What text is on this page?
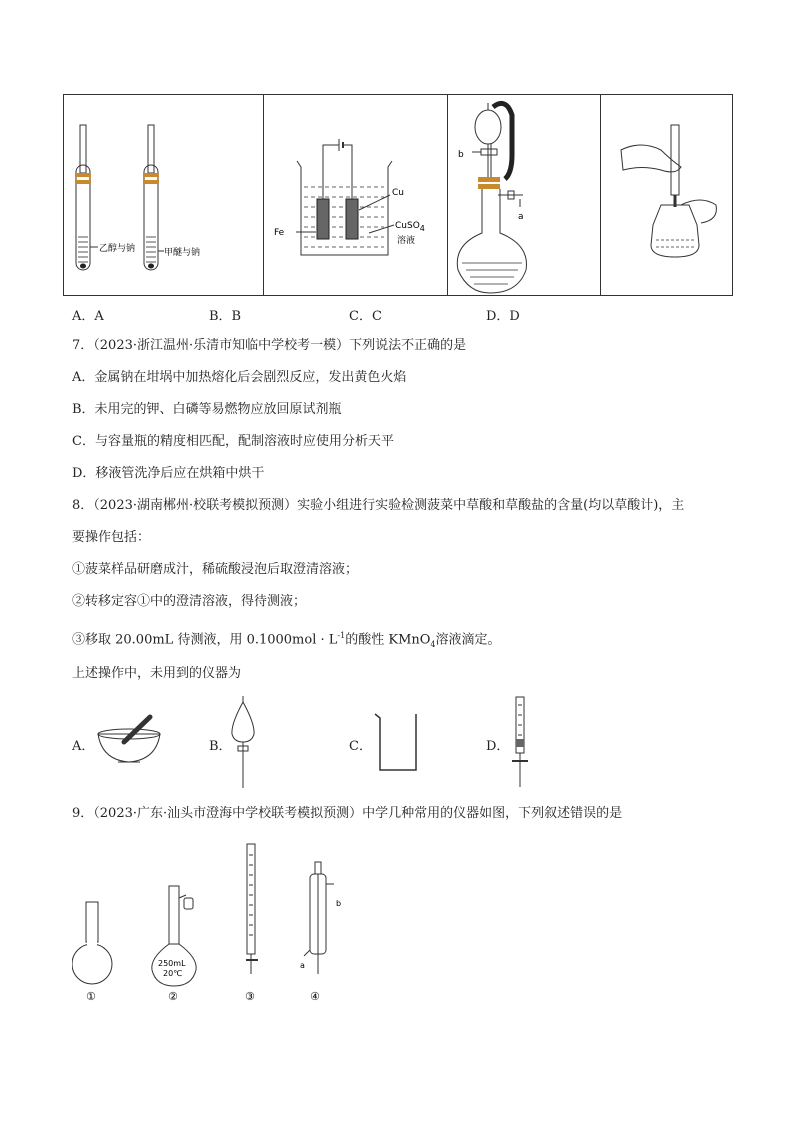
乙醇与钠	甲醚与钠
Cu
Fe
CuSO4
溶液
b
a
A．A	B．B	C．C	D．D
7．（2023·浙江温州·乐清市知临中学校考一模）下列说法不正确的是
A．金属钠在坩埚中加热熔化后会剧烈反应，发出黄色火焰
B．未用完的钾、白磷等易燃物应放回原试剂瓶
C．与容量瓶的精度相匹配，配制溶液时应使用分析天平
D．移液管洗净后应在烘箱中烘干
8．（2023·湖南郴州·校联考模拟预测）实验小组进行实验检测菠菜中草酸和草酸盐的含量(均以草酸计)，主
要操作包括：
①菠菜样品研磨成汁，稀硫酸浸泡后取澄清溶液；
②转移定容①中的澄清溶液，得待测液；
③移取 20.00mL 待测液，用 $0.1000mol \cdot L^{-1}$的酸性 KMnO$_4$溶液滴定。
上述操作中，未用到的仪器为
A．	B．	C．	D．
9．（2023·广东·汕头市澄海中学校联考模拟预测）中学几种常用的仪器如图，下列叙述错误的是
250mL
20℃
b
a
①	②	③	④
